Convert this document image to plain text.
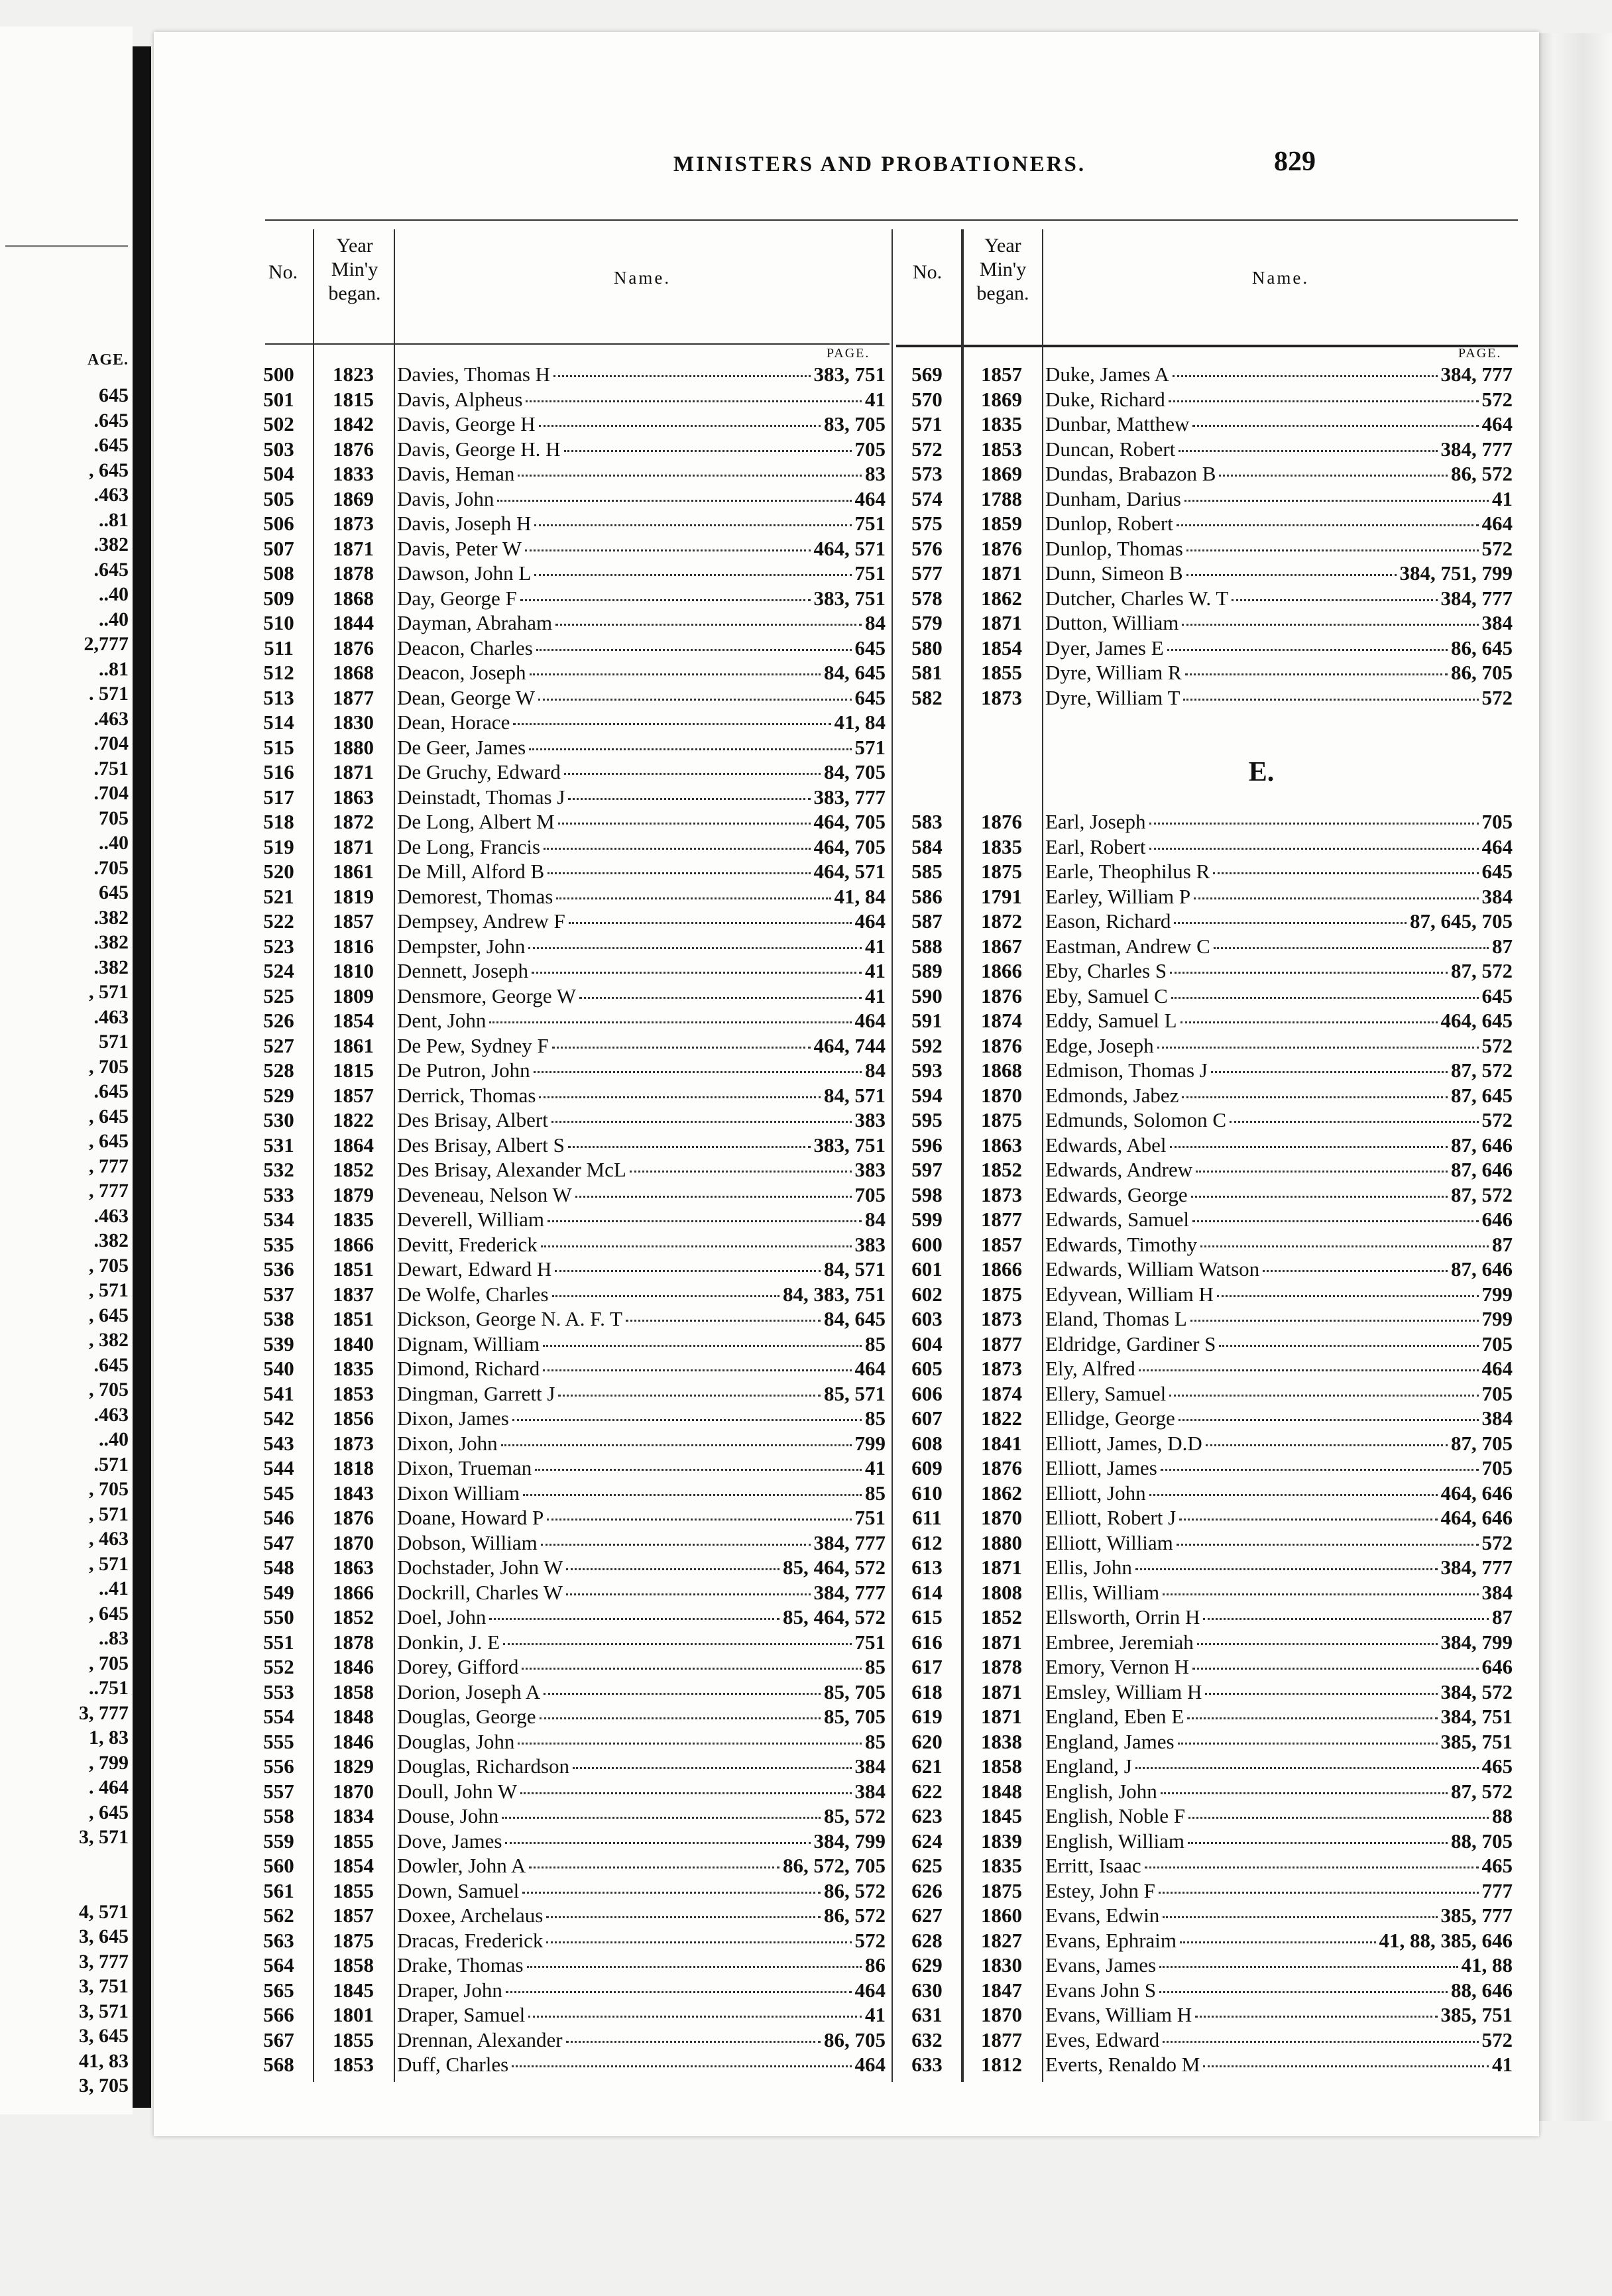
AGE.
645
.645
.645
, 645
.463
..81
.382
.645
..40
..40
2,777
..81
. 571
.463
.704
.751
.704
705
..40
.705
645
.382
.382
.382
, 571
.463
571
, 705
.645
, 645
, 645
, 777
, 777
.463
.382
, 705
, 571
, 645
, 382
.645
, 705
.463
..40
.571
, 705
, 571
, 463
, 571
..41
, 645
..83
, 705
..751
3, 777
1, 83
, 799
. 464
, 645
3, 571
4, 571
3, 645
3, 777
3, 751
3, 571
3, 645
41, 83
3, 705
MINISTERS AND PROBATIONERS.	829
No.
Year Min'y began.
Name.
PAGE.
No.
Year Min'y began.
Name.
PAGE.
500	1823	Davies, Thomas H	383, 751
501	1815	Davis, Alpheus	41
502	1842	Davis, George H	83, 705
503	1876	Davis, George H. H	705
504	1833	Davis, Heman	83
505	1869	Davis, John	464
506	1873	Davis, Joseph H	751
507	1871	Davis, Peter W	464, 571
508	1878	Dawson, John L	751
509	1868	Day, George F	383, 751
510	1844	Dayman, Abraham	84
511	1876	Deacon, Charles	645
512	1868	Deacon, Joseph	84, 645
513	1877	Dean, George W	645
514	1830	Dean, Horace	41, 84
515	1880	De Geer, James	571
516	1871	De Gruchy, Edward	84, 705
517	1863	Deinstadt, Thomas J	383, 777
518	1872	De Long, Albert M	464, 705
519	1871	De Long, Francis	464, 705
520	1861	De Mill, Alford B	464, 571
521	1819	Demorest, Thomas	41, 84
522	1857	Dempsey, Andrew F	464
523	1816	Dempster, John	41
524	1810	Dennett, Joseph	41
525	1809	Densmore, George W	41
526	1854	Dent, John	464
527	1861	De Pew, Sydney F	464, 744
528	1815	De Putron, John	84
529	1857	Derrick, Thomas	84, 571
530	1822	Des Brisay, Albert	383
531	1864	Des Brisay, Albert S	383, 751
532	1852	Des Brisay, Alexander McL	383
533	1879	Deveneau, Nelson W	705
534	1835	Deverell, William	84
535	1866	Devitt, Frederick	383
536	1851	Dewart, Edward H	84, 571
537	1837	De Wolfe, Charles	84, 383, 751
538	1851	Dickson, George N. A. F. T	84, 645
539	1840	Dignam, William	85
540	1835	Dimond, Richard	464
541	1853	Dingman, Garrett J	85, 571
542	1856	Dixon, James	85
543	1873	Dixon, John	799
544	1818	Dixon, Trueman	41
545	1843	Dixon William	85
546	1876	Doane, Howard P	751
547	1870	Dobson, William	384, 777
548	1863	Dochstader, John W	85, 464, 572
549	1866	Dockrill, Charles W	384, 777
550	1852	Doel, John	85, 464, 572
551	1878	Donkin, J. E	751
552	1846	Dorey, Gifford	85
553	1858	Dorion, Joseph A	85, 705
554	1848	Douglas, George	85, 705
555	1846	Douglas, John	85
556	1829	Douglas, Richardson	384
557	1870	Doull, John W	384
558	1834	Douse, John	85, 572
559	1855	Dove, James	384, 799
560	1854	Dowler, John A	86, 572, 705
561	1855	Down, Samuel	86, 572
562	1857	Doxee, Archelaus	86, 572
563	1875	Dracas, Frederick	572
564	1858	Drake, Thomas	86
565	1845	Draper, John	464
566	1801	Draper, Samuel	41
567	1855	Drennan, Alexander	86, 705
568	1853	Duff, Charles	464
569	1857	Duke, James A	384, 777
570	1869	Duke, Richard	572
571	1835	Dunbar, Matthew	464
572	1853	Duncan, Robert	384, 777
573	1869	Dundas, Brabazon B	86, 572
574	1788	Dunham, Darius	41
575	1859	Dunlop, Robert	464
576	1876	Dunlop, Thomas	572
577	1871	Dunn, Simeon B	384, 751, 799
578	1862	Dutcher, Charles W. T	384, 777
579	1871	Dutton, William	384
580	1854	Dyer, James E	86, 645
581	1855	Dyre, William R	86, 705
582	1873	Dyre, William T	572
E.
583	1876	Earl, Joseph	705
584	1835	Earl, Robert	464
585	1875	Earle, Theophilus R	645
586	1791	Earley, William P	384
587	1872	Eason, Richard	87, 645, 705
588	1867	Eastman, Andrew C	87
589	1866	Eby, Charles S	87, 572
590	1876	Eby, Samuel C	645
591	1874	Eddy, Samuel L	464, 645
592	1876	Edge, Joseph	572
593	1868	Edmison, Thomas J	87, 572
594	1870	Edmonds, Jabez	87, 645
595	1875	Edmunds, Solomon C	572
596	1863	Edwards, Abel	87, 646
597	1852	Edwards, Andrew	87, 646
598	1873	Edwards, George	87, 572
599	1877	Edwards, Samuel	646
600	1857	Edwards, Timothy	87
601	1866	Edwards, William Watson	87, 646
602	1875	Edyvean, William H	799
603	1873	Eland, Thomas L	799
604	1877	Eldridge, Gardiner S	705
605	1873	Ely, Alfred	464
606	1874	Ellery, Samuel	705
607	1822	Ellidge, George	384
608	1841	Elliott, James, D.D	87, 705
609	1876	Elliott, James	705
610	1862	Elliott, John	464, 646
611	1870	Elliott, Robert J	464, 646
612	1880	Elliott, William	572
613	1871	Ellis, John	384, 777
614	1808	Ellis, William	384
615	1852	Ellsworth, Orrin H	87
616	1871	Embree, Jeremiah	384, 799
617	1878	Emory, Vernon H	646
618	1871	Emsley, William H	384, 572
619	1871	England, Eben E	384, 751
620	1838	England, James	385, 751
621	1858	England, J	465
622	1848	English, John	87, 572
623	1845	English, Noble F	88
624	1839	English, William	88, 705
625	1835	Erritt, Isaac	465
626	1875	Estey, John F	777
627	1860	Evans, Edwin	385, 777
628	1827	Evans, Ephraim	41, 88, 385, 646
629	1830	Evans, James	41, 88
630	1847	Evans John S	88, 646
631	1870	Evans, William H	385, 751
632	1877	Eves, Edward	572
633	1812	Everts, Renaldo M	41
